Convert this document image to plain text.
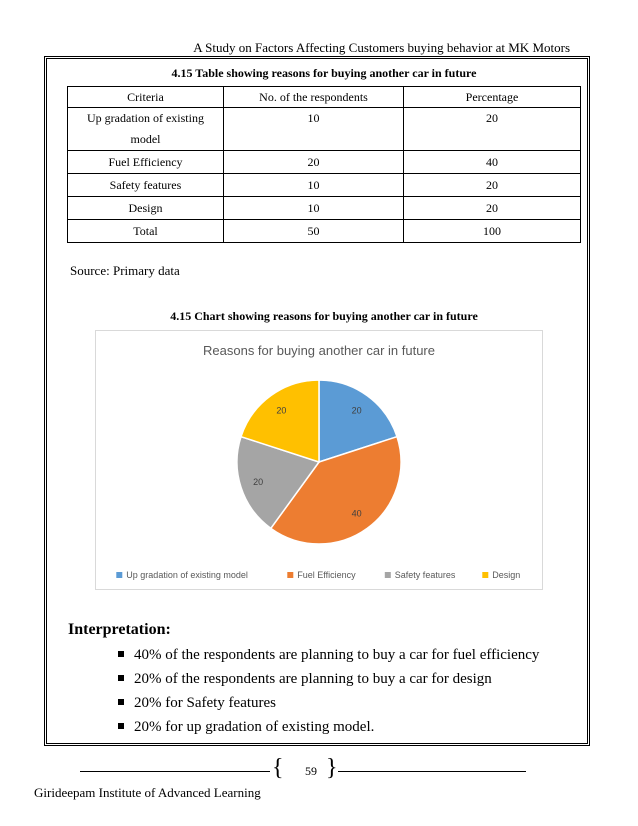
A Study on Factors Affecting Customers buying behavior at MK Motors
4.15 Table showing reasons for buying another car in future
Criteria	No. of the respondents	Percentage
Up gradation of existing
model	10	20
Fuel Efficiency	20	40
Safety features	10	20
Design	10	20
Total	50	100
Source: Primary data
4.15 Chart showing reasons for buying another car in future
Reasons for buying another car in future
20
40
20
20
Up gradation of existing model	Fuel Efficiency	Safety features	Design
Interpretation:
40% of the respondents are planning to buy a car for fuel efficiency
20% of the respondents are planning to buy a car for design
20% for Safety features
20% for up gradation of existing model.
{	59 }
Girideepam Institute of Advanced Learning
